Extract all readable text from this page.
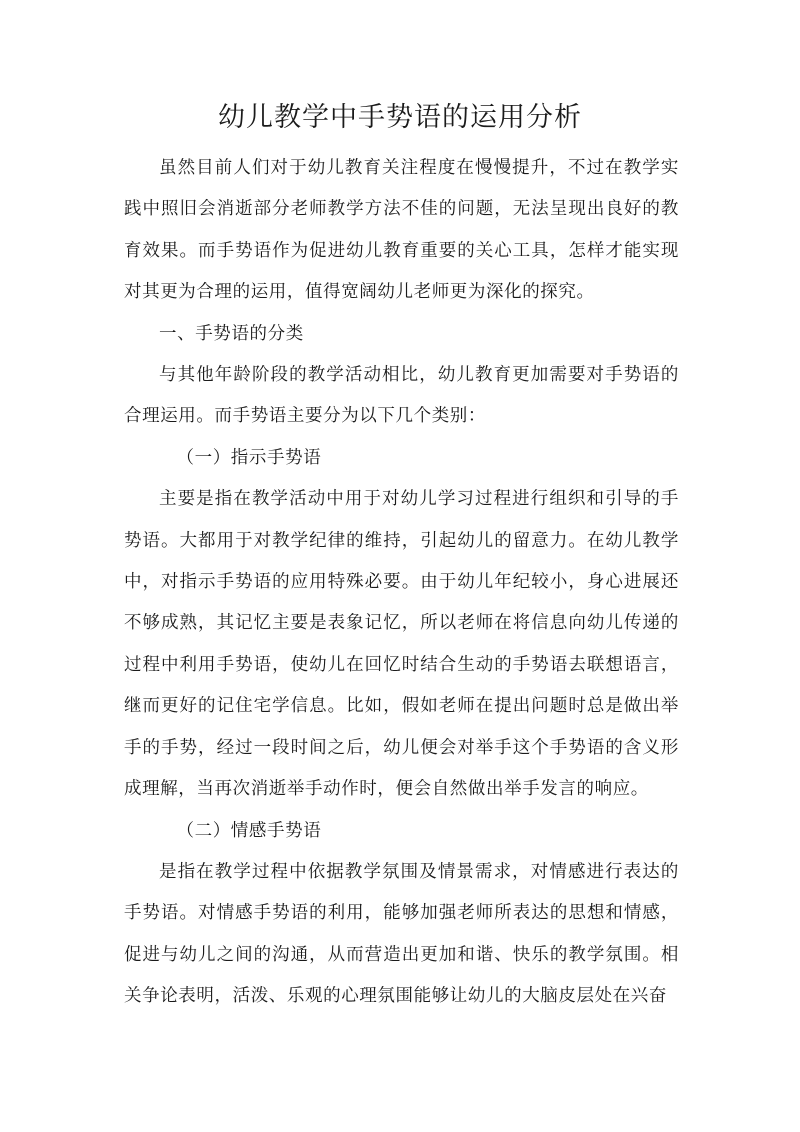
幼儿教学中手势语的运用分析

虽然目前人们对于幼儿教育关注程度在慢慢提升，不过在教学实践中照旧会消逝部分老师教学方法不佳的问题，无法呈现出良好的教育效果。而手势语作为促进幼儿教育重要的关心工具，怎样才能实现对其更为合理的运用，值得宽阔幼儿老师更为深化的探究。

一、手势语的分类

与其他年龄阶段的教学活动相比，幼儿教育更加需要对手势语的合理运用。而手势语主要分为以下几个类别：

（一）指示手势语

主要是指在教学活动中用于对幼儿学习过程进行组织和引导的手势语。大都用于对教学纪律的维持，引起幼儿的留意力。在幼儿教学中，对指示手势语的应用特殊必要。由于幼儿年纪较小，身心进展还不够成熟，其记忆主要是表象记忆，所以老师在将信息向幼儿传递的过程中利用手势语，使幼儿在回忆时结合生动的手势语去联想语言，继而更好的记住宅学信息。比如，假如老师在提出问题时总是做出举手的手势，经过一段时间之后，幼儿便会对举手这个手势语的含义形成理解，当再次消逝举手动作时，便会自然做出举手发言的响应。

（二）情感手势语

是指在教学过程中依据教学氛围及情景需求，对情感进行表达的手势语。对情感手势语的利用，能够加强老师所表达的思想和情感，促进与幼儿之间的沟通，从而营造出更加和谐、快乐的教学氛围。相关争论表明，活泼、乐观的心理氛围能够让幼儿的大脑皮层处在兴奋
